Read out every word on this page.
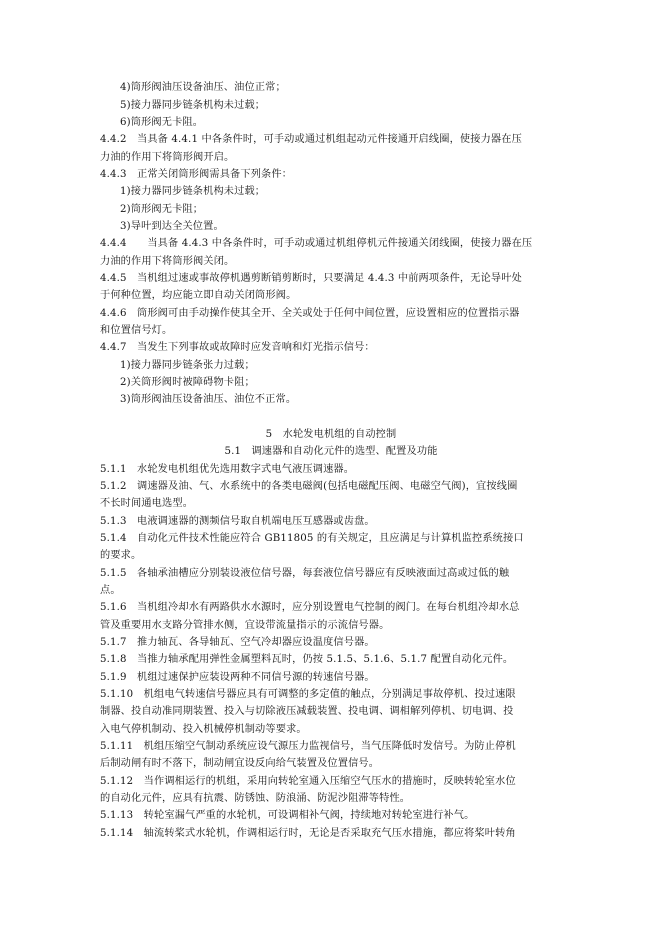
4)筒形阀油压设备油压、油位正常；
5)接力器同步链条机构未过载；
6)筒形阀无卡阻。
4.4.2　当具备 4.4.1 中各条件时，可手动或通过机组起动元件接通开启线圈，使接力器在压
力油的作用下将筒形阀开启。
4.4.3　正常关闭筒形阀需具备下列条件：
1)接力器同步链条机构未过载；
2)筒形阀无卡阻；
3)导叶到达全关位置。
4.4.4　　当具备 4.4.3 中各条件时，可手动或通过机组停机元件接通关闭线圈，使接力器在压
力油的作用下将筒形阀关闭。
4.4.5　当机组过速或事故停机遇剪断销剪断时，只要满足 4.4.3 中前两项条件，无论导叶处
于何种位置，均应能立即自动关闭筒形阀。
4.4.6　筒形阀可由手动操作使其全开、全关或处于任何中间位置，应设置相应的位置指示器
和位置信号灯。
4.4.7　当发生下列事故或故障时应发音响和灯光指示信号：
1)接力器同步链条张力过载；
2)关筒形阀时被障碍物卡阻；
3)筒形阀油压设备油压、油位不正常。
5　水轮发电机组的自动控制
5.1　调速器和自动化元件的选型、配置及功能
5.1.1　水轮发电机组优先选用数字式电气液压调速器。
5.1.2　调速器及油、气、水系统中的各类电磁阀(包括电磁配压阀、电磁空气阀)，宜按线圈
不长时间通电选型。
5.1.3　电液调速器的测频信号取自机端电压互感器或齿盘。
5.1.4　自动化元件技术性能应符合 GB11805 的有关规定，且应满足与计算机监控系统接口
的要求。
5.1.5　各轴承油槽应分别装设液位信号器，每套液位信号器应有反映液面过高或过低的触
点。
5.1.6　当机组冷却水有两路供水水源时，应分别设置电气控制的阀门。在每台机组冷却水总
管及重要用水支路分管排水侧，宜设带流量指示的示流信号器。
5.1.7　推力轴瓦、各导轴瓦、空气冷却器应设温度信号器。
5.1.8　当推力轴承配用弹性金属塑料瓦时，仍按 5.1.5、5.1.6、5.1.7 配置自动化元件。
5.1.9　机组过速保护应装设两种不同信号源的转速信号器。
5.1.10　机组电气转速信号器应具有可调整的多定值的触点，分别满足事故停机、投过速限
制器、投自动准同期装置、投入与切除液压减载装置、投电调、调相解列停机、切电调、投
入电气停机制动、投入机械停机制动等要求。
5.1.11　机组压缩空气制动系统应设气源压力监视信号，当气压降低时发信号。为防止停机
后制动闸有时不落下，制动闸宜设反向给气装置及位置信号。
5.1.12　当作调相运行的机组，采用向转轮室通入压缩空气压水的措施时，反映转轮室水位
的自动化元件，应具有抗震、防锈蚀、防浪涌、防泥沙阻滞等特性。
5.1.13　转轮室漏气严重的水轮机，可设调相补气阀，持续地对转轮室进行补气。
5.1.14　轴流转桨式水轮机，作调相运行时，无论是否采取充气压水措施，都应将桨叶转角
